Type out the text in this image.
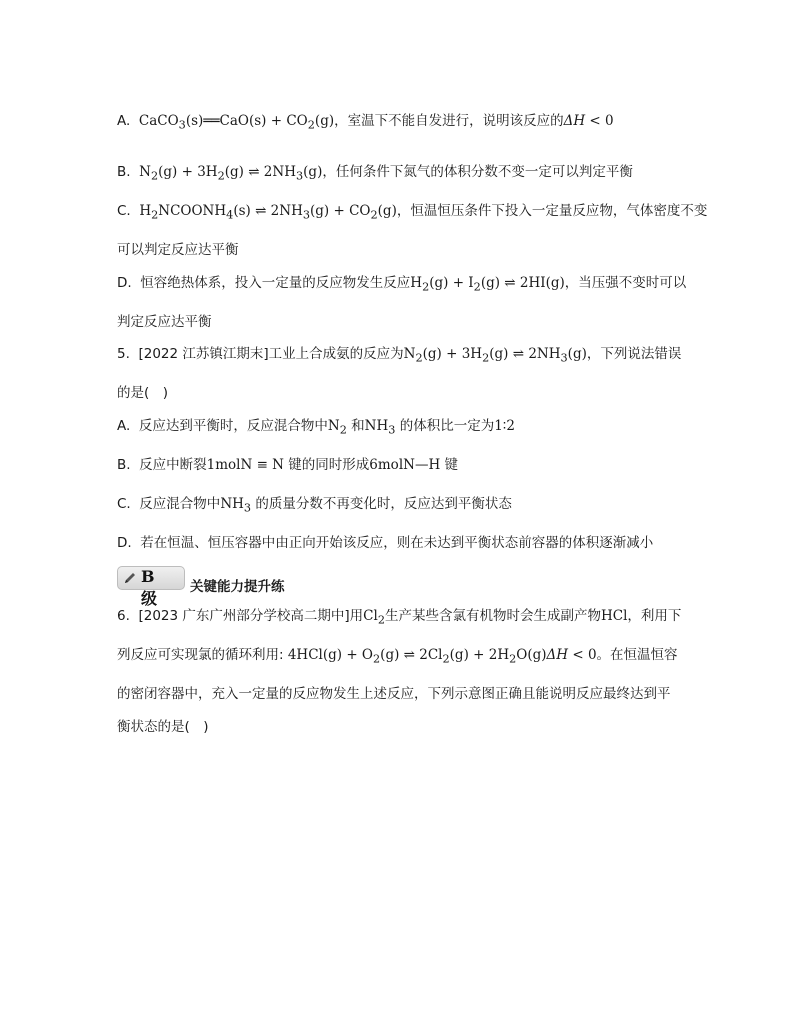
A.  CaCO$_3$(s)══CaO(s) + $CO_2(g)$，室温下不能自发进行，说明该反应的ΔH < 0
B.  $N_2(g) + 3H_2(g)$ ⇌ $2NH_3(g)$，任何条件下氮气的体积分数不变一定可以判定平衡
C.  $H_2NCOONH_4(s)$ ⇌ $2NH_3(g) + CO_2(g)$，恒温恒压条件下投入一定量反应物，气体密度不变
可以判定反应达平衡
D.  恒容绝热体系，投入一定量的反应物发生反应$H_2(g) + I_2(g)$ ⇌ 2HI(g)，当压强不变时可以
判定反应达平衡
5.  [2022 江苏镇江期末]工业上合成氨的反应为$N_2(g) + 3H_2(g)$ ⇌ $2NH_3(g)$，下列说法错误
的是(　)
A.  反应达到平衡时，反应混合物中$N_2$ 和$NH_3$ 的体积比一定为1∶2
B.  反应中断裂1molN ≡ N 键的同时形成6molN—H 键
C.  反应混合物中$NH_3$ 的质量分数不再变化时，反应达到平衡状态
D.  若在恒温、恒压容器中由正向开始该反应，则在未达到平衡状态前容器的体积逐渐减小
6.  [2023 广东广州部分学校高二期中]用$Cl_2$生产某些含氯有机物时会生成副产物HCl，利用下
列反应可实现氯的循环利用: $4HCl(g) + O_2(g)$ ⇌ $2Cl_2(g) + 2H_2O(g)\Delta H < 0$。在恒温恒容
的密闭容器中，充入一定量的反应物发生上述反应，下列示意图正确且能说明反应最终达到平
衡状态的是(　)
B 级
关键能力提升练
